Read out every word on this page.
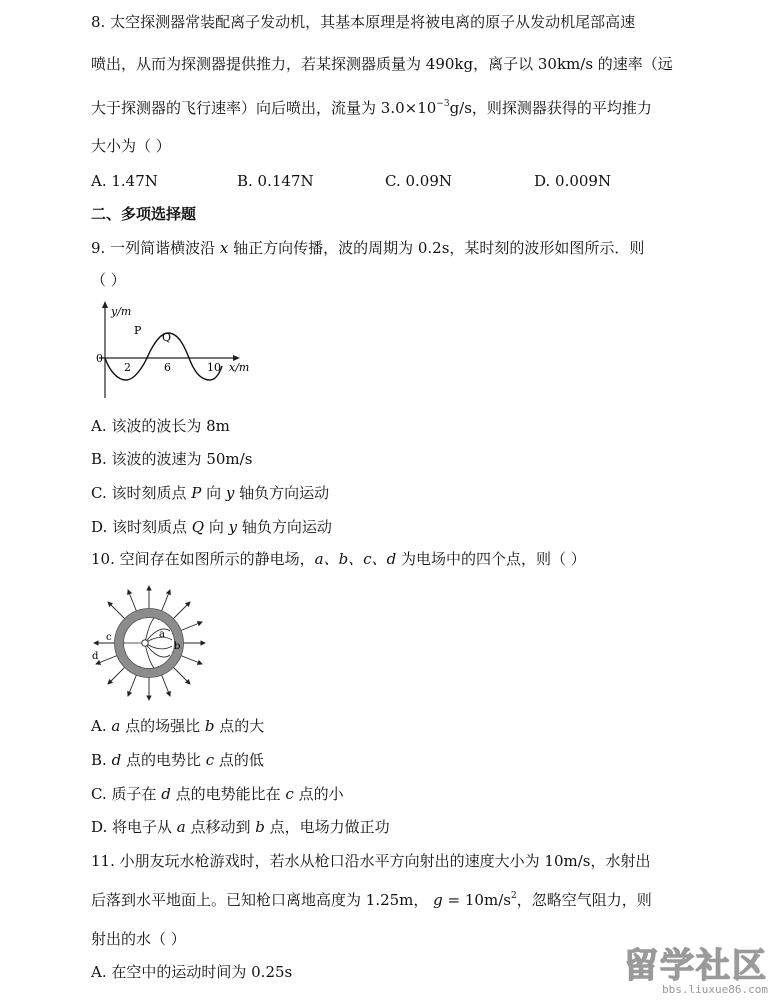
8. 太空探测器常装配离子发动机，其基本原理是将被电离的原子从发动机尾部高速
喷出，从而为探测器提供推力，若某探测器质量为 490kg，离子以 30km/s 的速率（远
大于探测器的飞行速率）向后喷出，流量为 $3.0\times 10^{-3}g/s$，则探测器获得的平均推力
大小为（ ）
A. 1.47N	B. 0.147N	C. 0.09N	D. 0.009N
二、多项选择题
9. 一列简谐横波沿 x 轴正方向传播，波的周期为 0.2s，某时刻的波形如图所示．则
（ ）
y/m
x/m
0
2	6	10
P
Q
A. 该波的波长为 8m
B. 该波的波速为 50m/s
C. 该时刻质点 P 向 y 轴负方向运动
D. 该时刻质点 Q 向 y 轴负方向运动
10. 空间存在如图所示的静电场，a、b、c、d 为电场中的四个点，则（ ）
a
b
c
d
A. a 点的场强比 b 点的大
B. d 点的电势比 c 点的低
C. 质子在 d 点的电势能比在 c 点的小
D. 将电子从 a 点移动到 b 点，电场力做正功
11. 小朋友玩水枪游戏时，若水从枪口沿水平方向射出的速度大小为 10m/s，水射出
后落到水平地面上。已知枪口离地高度为 1.25m， $g = 10m/s^2$，忽略空气阻力，则
射出的水（ ）
A. 在空中的运动时间为 0.25s	留学社区
bbs.liuxue86.com
